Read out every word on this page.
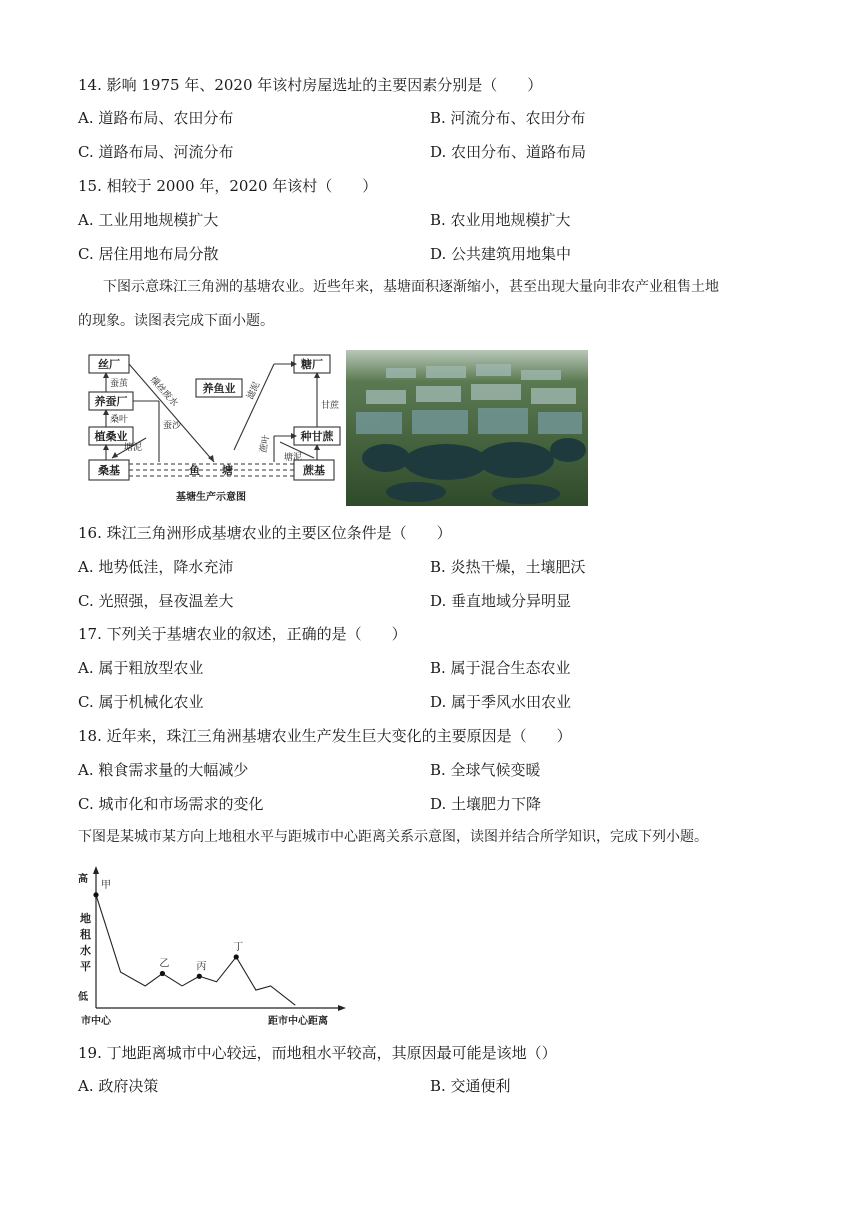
14. 影响 1975 年、2020 年该村房屋选址的主要因素分别是（　　）
A. 道路布局、农田分布	B. 河流分布、农田分布
C. 道路布局、河流分布	D. 农田分布、道路布局
15. 相较于 2000 年，2020 年该村（　　）
A. 工业用地规模扩大	B. 农业用地规模扩大
C. 居住用地布局分散	D. 公共建筑用地集中
下图示意珠江三角洲的基塘农业。近些年来，基塘面积逐渐缩小，甚至出现大量向非农产业租售土地
的现象。读图表完成下面小题。
丝厂
养蚕厂
植桑业
桑基
养鱼业
糖厂
种甘蔗
蔗基
鱼　　塘
蚕茧
桑叶
蚕沙
塘泥
缫丝废水	滤泥
甘蔗
蔗叶
塘泥
基塘生产示意图
16. 珠江三角洲形成基塘农业的主要区位条件是（　　）
A. 地势低洼，降水充沛	B. 炎热干燥，土壤肥沃
C. 光照强，昼夜温差大	D. 垂直地域分异明显
17. 下列关于基塘农业的叙述，正确的是（　　）
A. 属于粗放型农业	B. 属于混合生态农业
C. 属于机械化农业	D. 属于季风水田农业
18. 近年来，珠江三角洲基塘农业生产发生巨大变化的主要原因是（　　）
A. 粮食需求量的大幅减少	B. 全球气候变暖
C. 城市化和市场需求的变化	D. 土壤肥力下降
下图是某城市某方向上地租水平与距城市中心距离关系示意图，读图并结合所学知识，完成下列小题。
高
低
地
租
水
平
市中心	距市中心距离
甲
乙	丙
丁
19. 丁地距离城市中心较远，而地租水平较高，其原因最可能是该地（）
A. 政府决策	B. 交通便利
